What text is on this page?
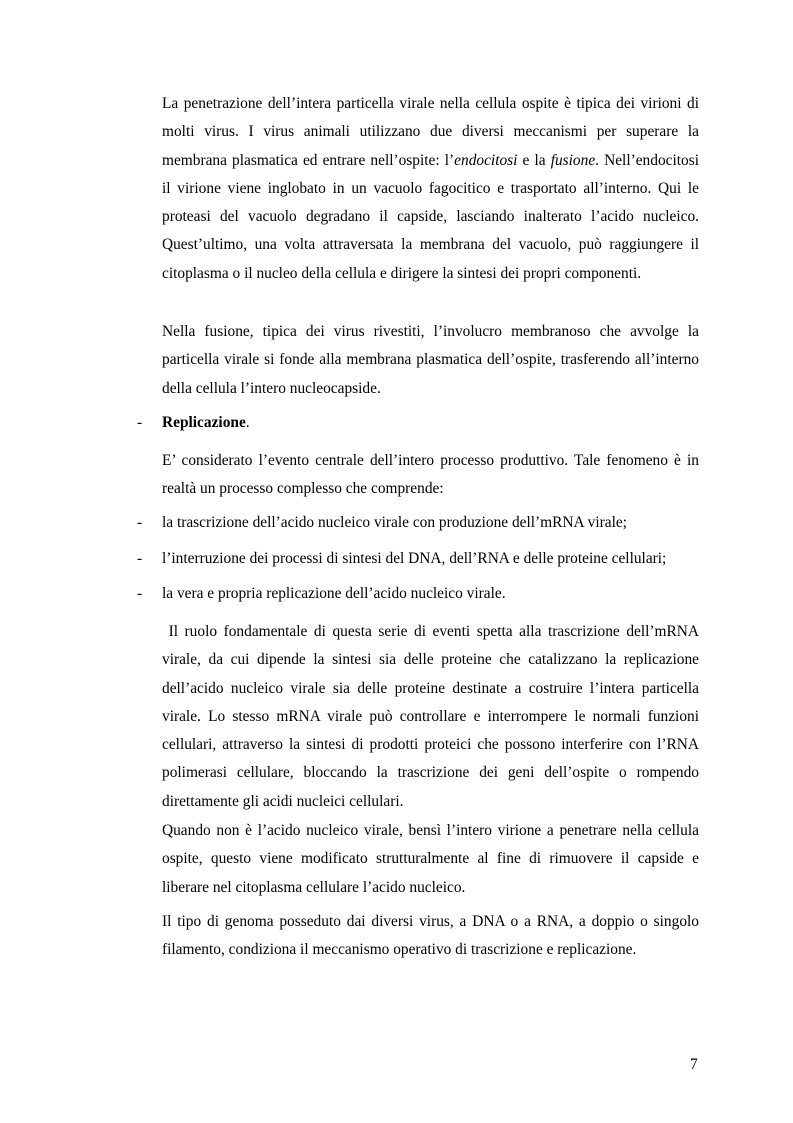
La penetrazione dell’intera particella virale nella cellula ospite è tipica dei virioni di molti virus. I virus animali utilizzano due diversi meccanismi per superare la membrana plasmatica ed entrare nell’ospite: l’endocitosi e la fusione. Nell’endocitosi il virione viene inglobato in un vacuolo fagocitico e trasportato all’interno. Qui le proteasi del vacuolo degradano il capside, lasciando inalterato l’acido nucleico. Quest’ultimo, una volta attraversata la membrana del vacuolo, può raggiungere il citoplasma o il nucleo della cellula e dirigere la sintesi dei propri componenti.

Nella fusione, tipica dei virus rivestiti, l’involucro membranoso che avvolge la particella virale si fonde alla membrana plasmatica dell’ospite, trasferendo all’interno della cellula l’intero nucleocapside.

- Replicazione.

E’ considerato l’evento centrale dell’intero processo produttivo. Tale fenomeno è in realtà un processo complesso che comprende:

- la trascrizione dell’acido nucleico virale con produzione dell’mRNA virale;
- l’interruzione dei processi di sintesi del DNA, dell’RNA e delle proteine cellulari;
- la vera e propria replicazione dell’acido nucleico virale.

Il ruolo fondamentale di questa serie di eventi spetta alla trascrizione dell’mRNA virale, da cui dipende la sintesi sia delle proteine che catalizzano la replicazione dell’acido nucleico virale sia delle proteine destinate a costruire l’intera particella virale. Lo stesso mRNA virale può controllare e interrompere le normali funzioni cellulari, attraverso la sintesi di prodotti proteici che possono interferire con l’RNA polimerasi cellulare, bloccando la trascrizione dei geni dell’ospite o rompendo direttamente gli acidi nucleici cellulari.

Quando non è l’acido nucleico virale, bensì l’intero virione a penetrare nella cellula ospite, questo viene modificato strutturalmente al fine di rimuovere il capside e liberare nel citoplasma cellulare l’acido nucleico.

Il tipo di genoma posseduto dai diversi virus, a DNA o a RNA, a doppio o singolo filamento, condiziona il meccanismo operativo di trascrizione e replicazione.

7
